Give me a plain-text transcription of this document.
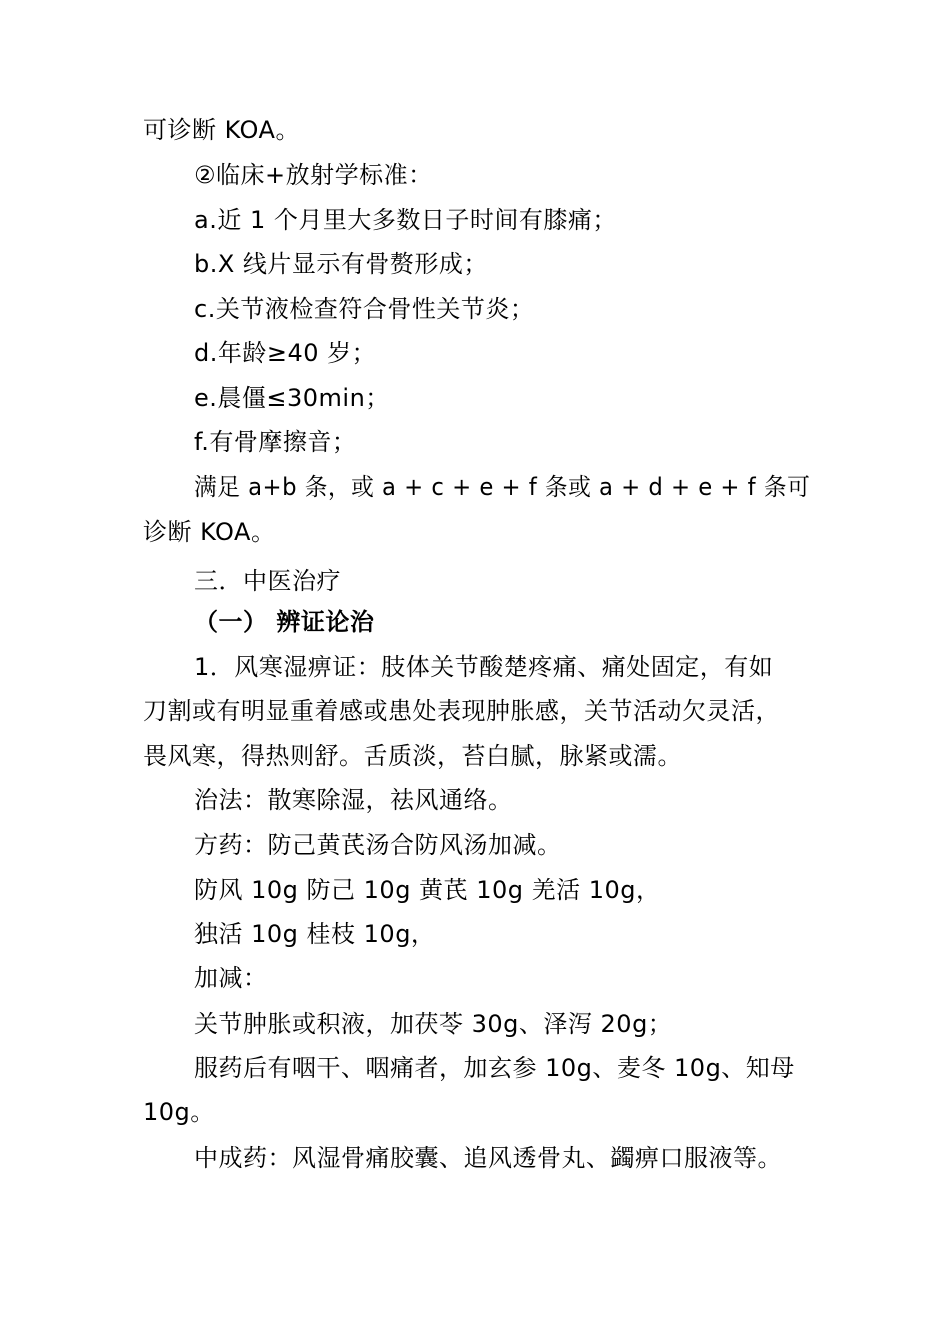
可诊断 KOA。
②临床+放射学标准：
a.近 1 个月里大多数日子时间有膝痛；
b.X 线片显示有骨赘形成；
c.关节液检查符合骨性关节炎；
d.年龄≥40 岁；
e.晨僵≤30min；
f.有骨摩擦音；
满足 a+b 条，或 a + c + e + f 条或 a + d + e + f 条可
诊断 KOA。
三．中医治疗
（一） 辨证论治
1．风寒湿痹证：肢体关节酸楚疼痛、痛处固定，有如
刀割或有明显重着感或患处表现肿胀感，关节活动欠灵活，
畏风寒，得热则舒。舌质淡，苔白腻，脉紧或濡。
治法：散寒除湿，祛风通络。
方药：防己黄芪汤合防风汤加减。
防风 10g 防己 10g 黄芪 10g 羌活 10g，
独活 10g 桂枝 10g，
加减：
关节肿胀或积液，加茯苓 30g、泽泻 20g；
服药后有咽干、咽痛者，加玄参 10g、麦冬 10g、知母
10g。
中成药：风湿骨痛胶囊、追风透骨丸、蠲痹口服液等。
